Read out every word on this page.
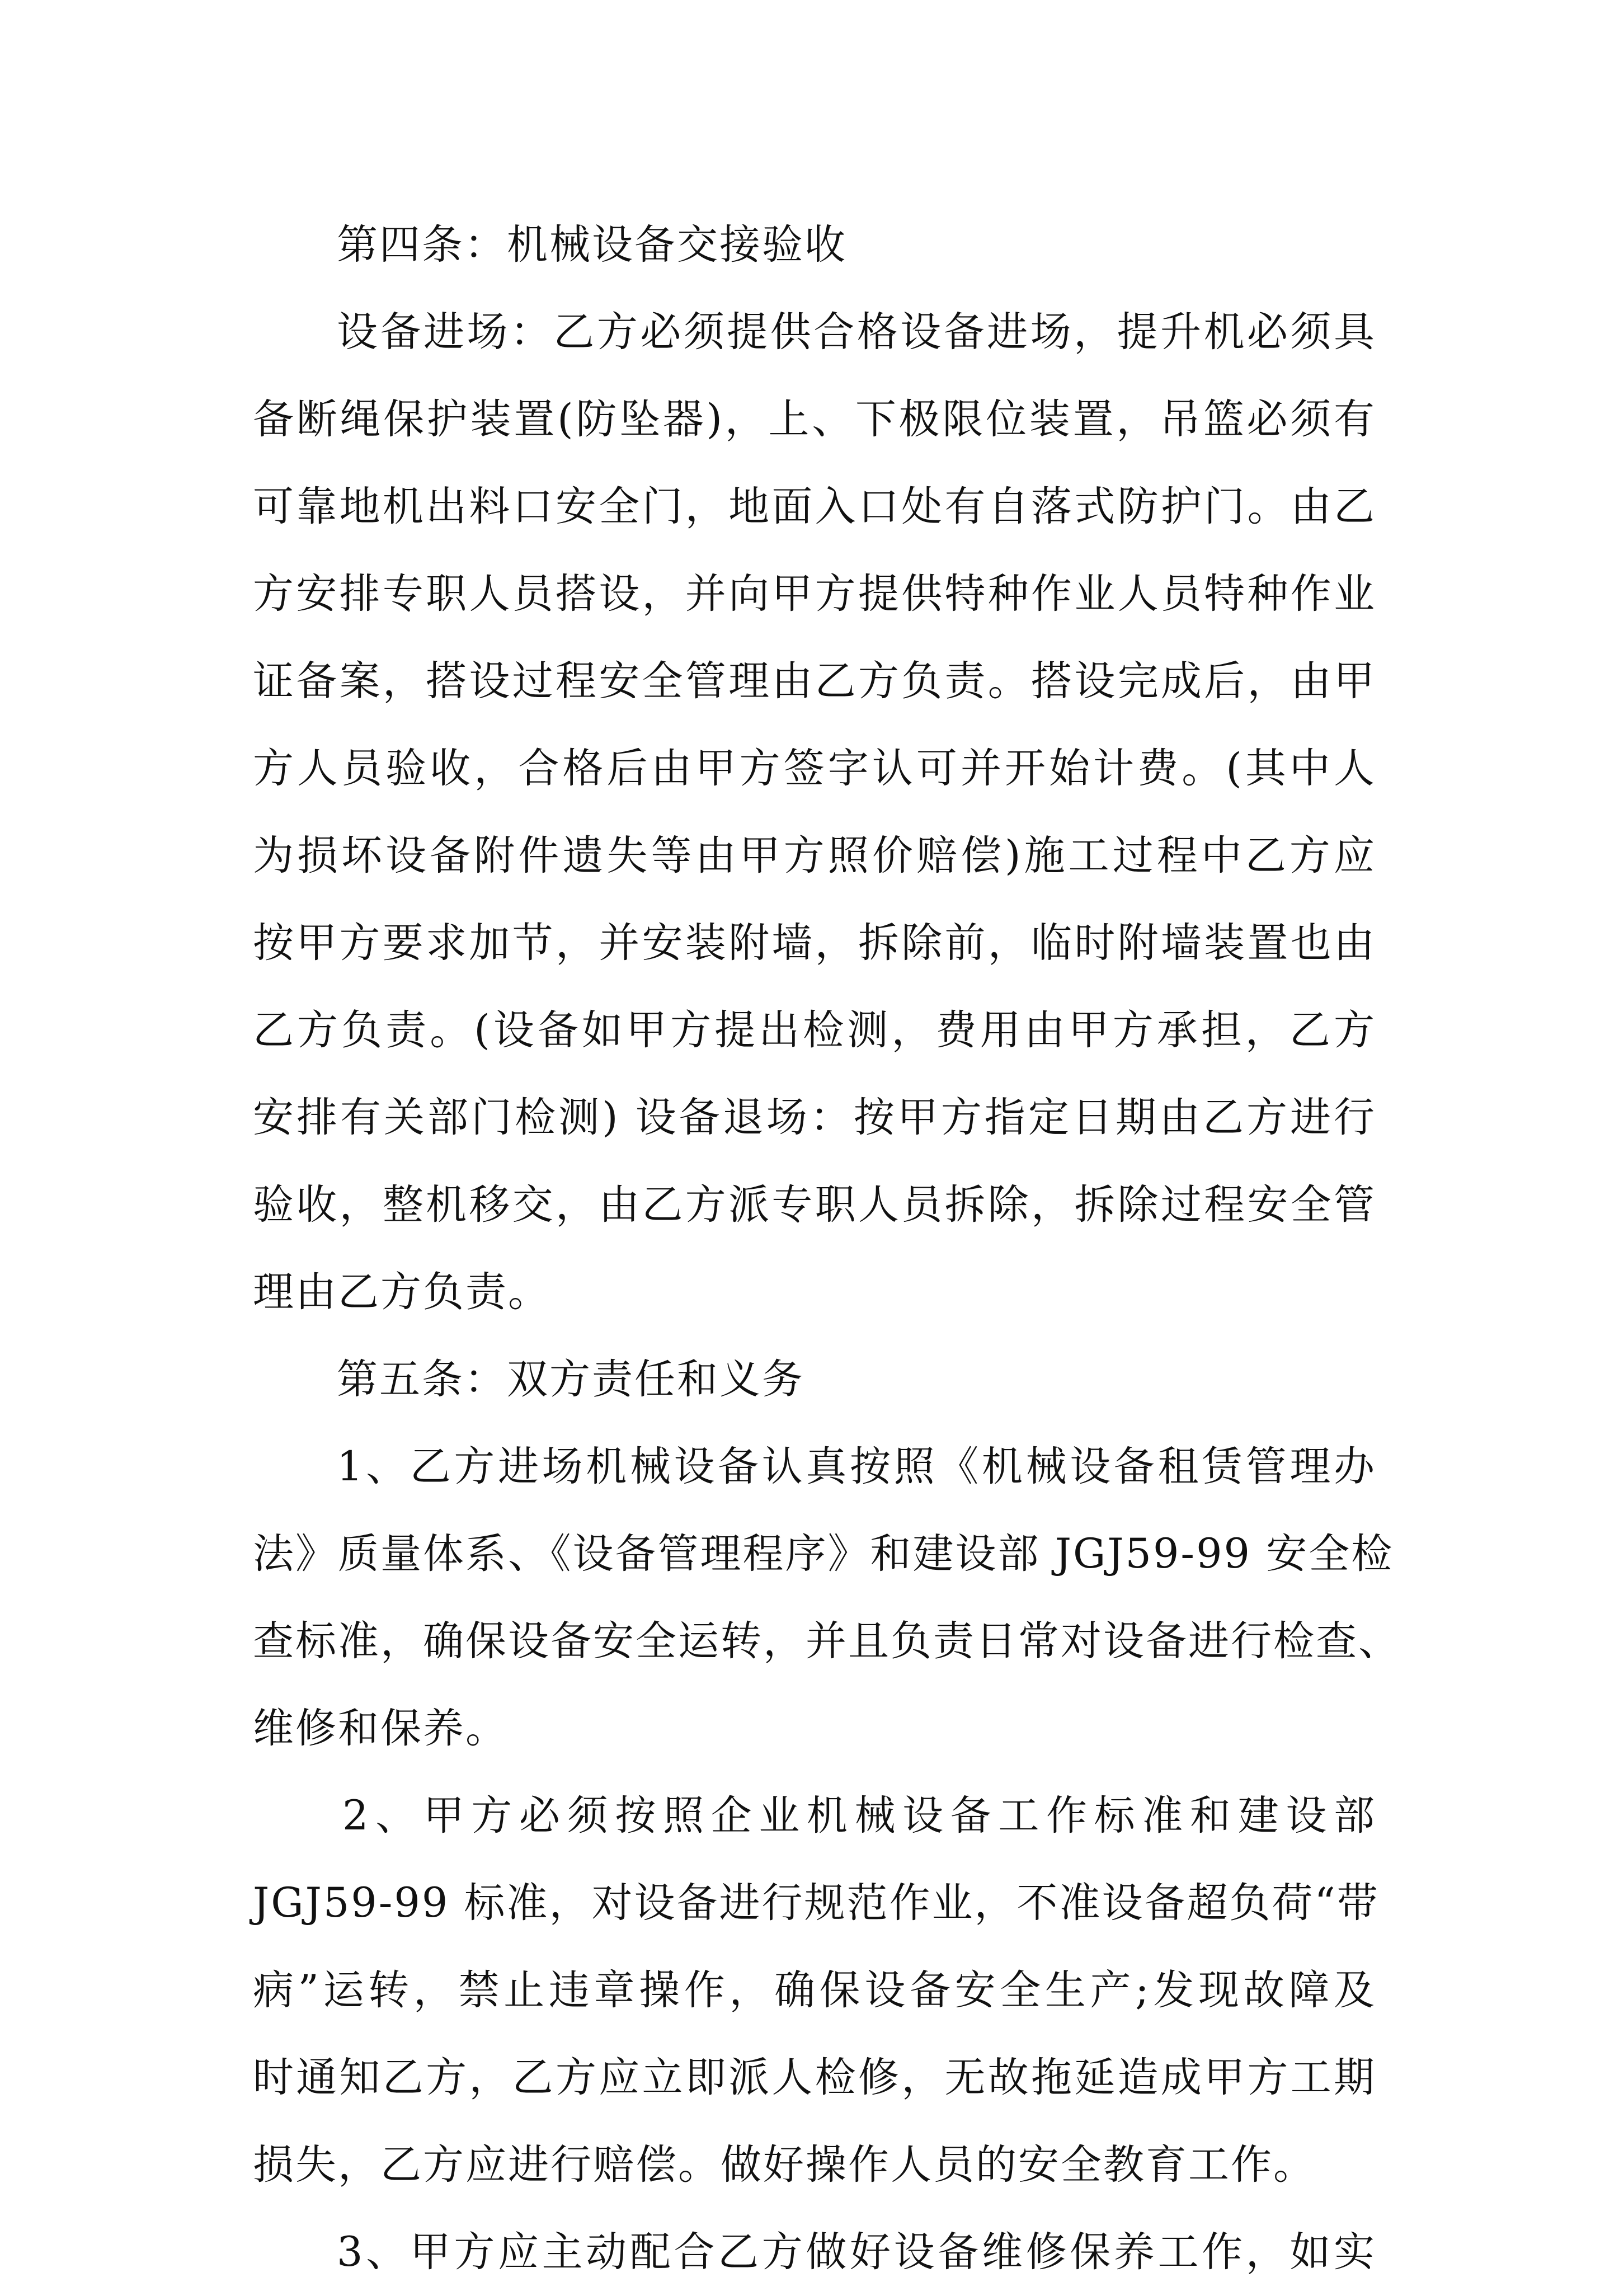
第四条：机械设备交接验收
设备进场：乙方必须提供合格设备进场，提升机必须具
备断绳保护装置(防坠器)，上、下极限位装置，吊篮必须有
可靠地机出料口安全门，地面入口处有自落式防护门。由乙
方安排专职人员搭设，并向甲方提供特种作业人员特种作业
证备案，搭设过程安全管理由乙方负责。搭设完成后，由甲
方人员验收，合格后由甲方签字认可并开始计费。(其中人
为损坏设备附件遗失等由甲方照价赔偿)施工过程中乙方应
按甲方要求加节，并安装附墙，拆除前，临时附墙装置也由
乙方负责。(设备如甲方提出检测，费用由甲方承担，乙方
安排有关部门检测) 设备退场：按甲方指定日期由乙方进行
验收，整机移交，由乙方派专职人员拆除，拆除过程安全管
理由乙方负责。
第五条：双方责任和义务
1、乙方进场机械设备认真按照《机械设备租赁管理办
法》质量体系、《设备管理程序》和建设部 JGJ59-99 安全检
查标准，确保设备安全运转，并且负责日常对设备进行检查、
维修和保养。
2、甲方必须按照企业机械设备工作标准和建设部
JGJ59-99 标准，对设备进行规范作业，不准设备超负荷“带
病”运转，禁止违章操作，确保设备安全生产;发现故障及
时通知乙方，乙方应立即派人检修，无故拖延造成甲方工期
损失，乙方应进行赔偿。做好操作人员的安全教育工作。
3、甲方应主动配合乙方做好设备维修保养工作，如实
